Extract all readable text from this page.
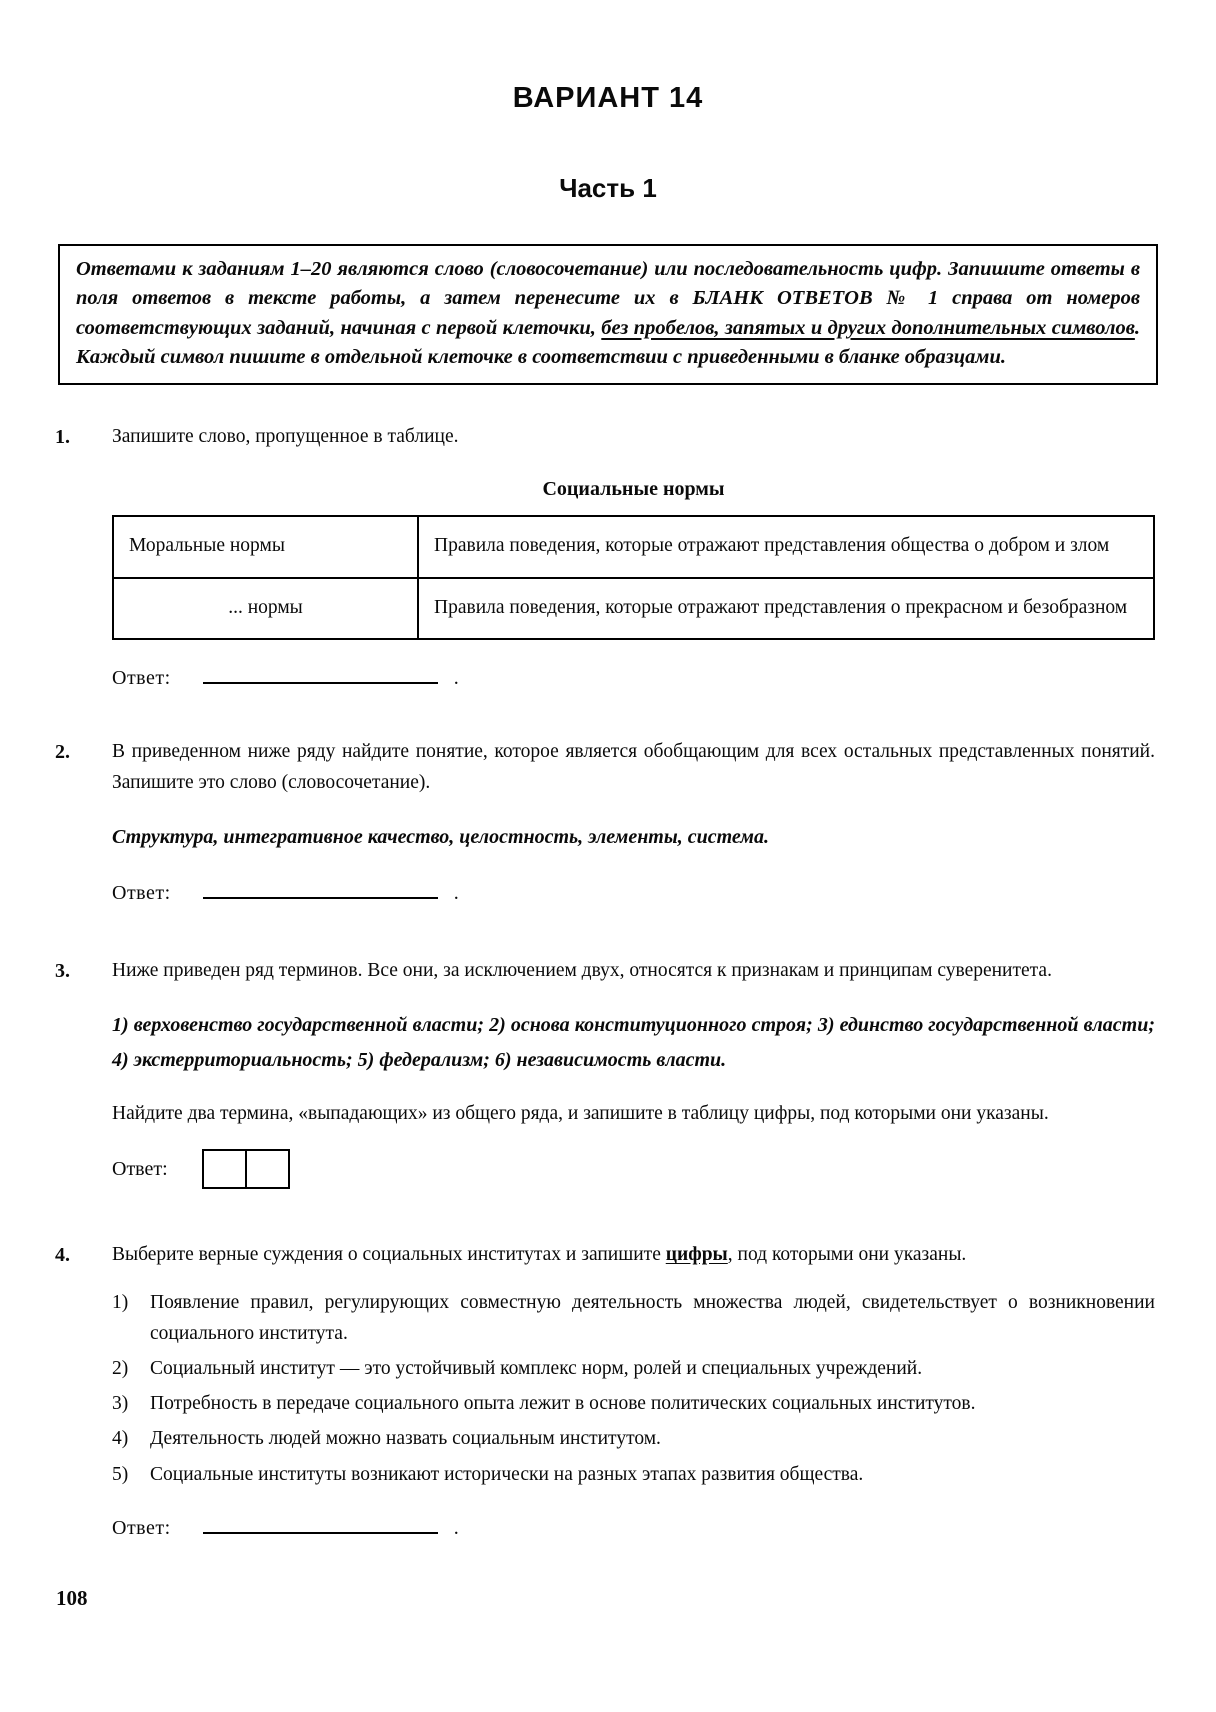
ВАРИАНТ 14
Часть 1
Ответами к заданиям 1–20 являются слово (словосочетание) или последовательность цифр. Запишите ответы в поля ответов в тексте работы, а затем перенесите их в БЛАНК ОТВЕТОВ № 1 справа от номеров соответствующих заданий, начиная с первой клеточки, без пробелов, запятых и других дополнительных символов. Каждый символ пишите в отдельной клеточке в соответствии с приведенными в бланке образцами.
1.	Запишите слово, пропущенное в таблице.
Социальные нормы
Моральные нормы	Правила поведения, которые отражают представления общества о добром и злом
... нормы	Правила поведения, которые отражают представления о прекрасном и безобразном
Ответ:	.
2.	В приведенном ниже ряду найдите понятие, которое является обобщающим для всех остальных представленных понятий. Запишите это слово (словосочетание).
Структура, интегративное качество, целостность, элементы, система.
Ответ:	.
3.	Ниже приведен ряд терминов. Все они, за исключением двух, относятся к признакам и принципам суверенитета.
1) верховенство государственной власти; 2) основа конституционного строя; 3) единство государственной власти; 4) экстерриториальность; 5) федерализм; 6) независимость власти.
Найдите два термина, «выпадающих» из общего ряда, и запишите в таблицу цифры, под которыми они указаны.
Ответ:
4.	Выберите верные суждения о социальных институтах и запишите цифры, под которыми они указаны.
1)	Появление правил, регулирующих совместную деятельность множества людей, свидетельствует о возникновении социального института.
2)	Социальный институт — это устойчивый комплекс норм, ролей и специальных учреждений.
3)	Потребность в передаче социального опыта лежит в основе политических социальных институтов.
4)	Деятельность людей можно назвать социальным институтом.
5)	Социальные институты возникают исторически на разных этапах развития общества.
Ответ:	.
108
